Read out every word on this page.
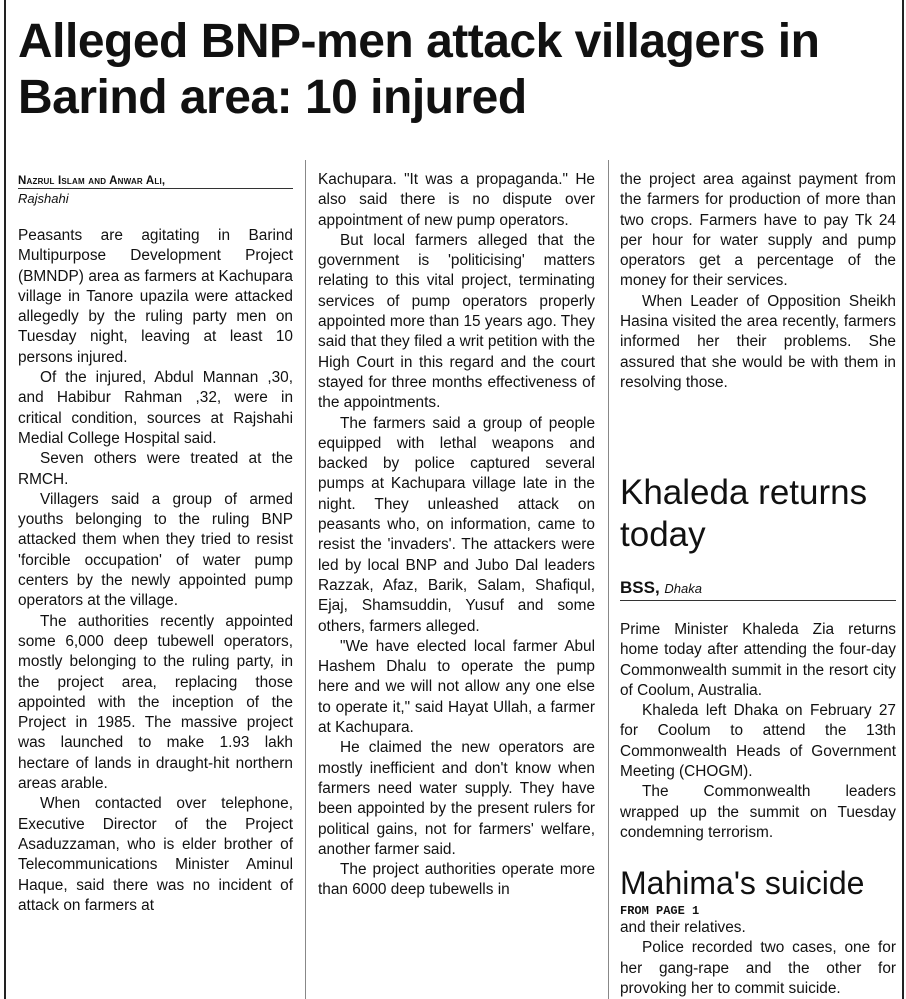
Alleged BNP-men attack villagers in Barind area: 10 injured
Nazrul Islam and Anwar Ali,
Rajshahi

Peasants are agitating in Barind Multipurpose Development Project (BMNDP) area as farmers at Kachupara village in Tanore upazila were attacked allegedly by the ruling party men on Tuesday night, leaving at least 10 persons injured.

Of the injured, Abdul Mannan ,30, and Habibur Rahman ,32, were in critical condition, sources at Rajshahi Medial College Hospital said.

Seven others were treated at the RMCH.

Villagers said a group of armed youths belonging to the ruling BNP attacked them when they tried to resist 'forcible occupation' of water pump centers by the newly appointed pump operators at the village.

The authorities recently appointed some 6,000 deep tubewell operators, mostly belonging to the ruling party, in the project area, replacing those appointed with the inception of the Project in 1985. The massive project was launched to make 1.93 lakh hectare of lands in draught-hit northern areas arable.

When contacted over telephone, Executive Director of the Project Asaduzzaman, who is elder brother of Telecommunications Minister Aminul Haque, said there was no incident of attack on farmers at

Kachupara. "It was a propaganda." He also said there is no dispute over appointment of new pump operators.

But local farmers alleged that the government is 'politicising' matters relating to this vital project, terminating services of pump operators properly appointed more than 15 years ago. They said that they filed a writ petition with the High Court in this regard and the court stayed for three months effectiveness of the appointments.

The farmers said a group of people equipped with lethal weapons and backed by police captured several pumps at Kachupara village late in the night. They unleashed attack on peasants who, on information, came to resist the 'invaders'. The attackers were led by local BNP and Jubo Dal leaders Razzak, Afaz, Barik, Salam, Shafiqul, Ejaj, Shamsuddin, Yusuf and some others, farmers alleged.

"We have elected local farmer Abul Hashem Dhalu to operate the pump here and we will not allow any one else to operate it," said Hayat Ullah, a farmer at Kachupara.

He claimed the new operators are mostly inefficient and don't know when farmers need water supply. They have been appointed by the present rulers for political gains, not for farmers' welfare, another farmer said.

The project authorities operate more than 6000 deep tubewells in

the project area against payment from the farmers for production of more than two crops. Farmers have to pay Tk 24 per hour for water supply and pump operators get a percentage of the money for their services.

When Leader of Opposition Sheikh Hasina visited the area recently, farmers informed her their problems. She assured that she would be with them in resolving those.

Khaleda returns today
BSS, Dhaka

Prime Minister Khaleda Zia returns home today after attending the four-day Commonwealth summit in the resort city of Coolum, Australia.

Khaleda left Dhaka on February 27 for Coolum to attend the 13th Commonwealth Heads of Government Meeting (CHOGM).

The Commonwealth leaders wrapped up the summit on Tuesday condemning terrorism.

Mahima's suicide
FROM PAGE 1

and their relatives.

Police recorded two cases, one for her gang-rape and the other for provoking her to commit suicide.
